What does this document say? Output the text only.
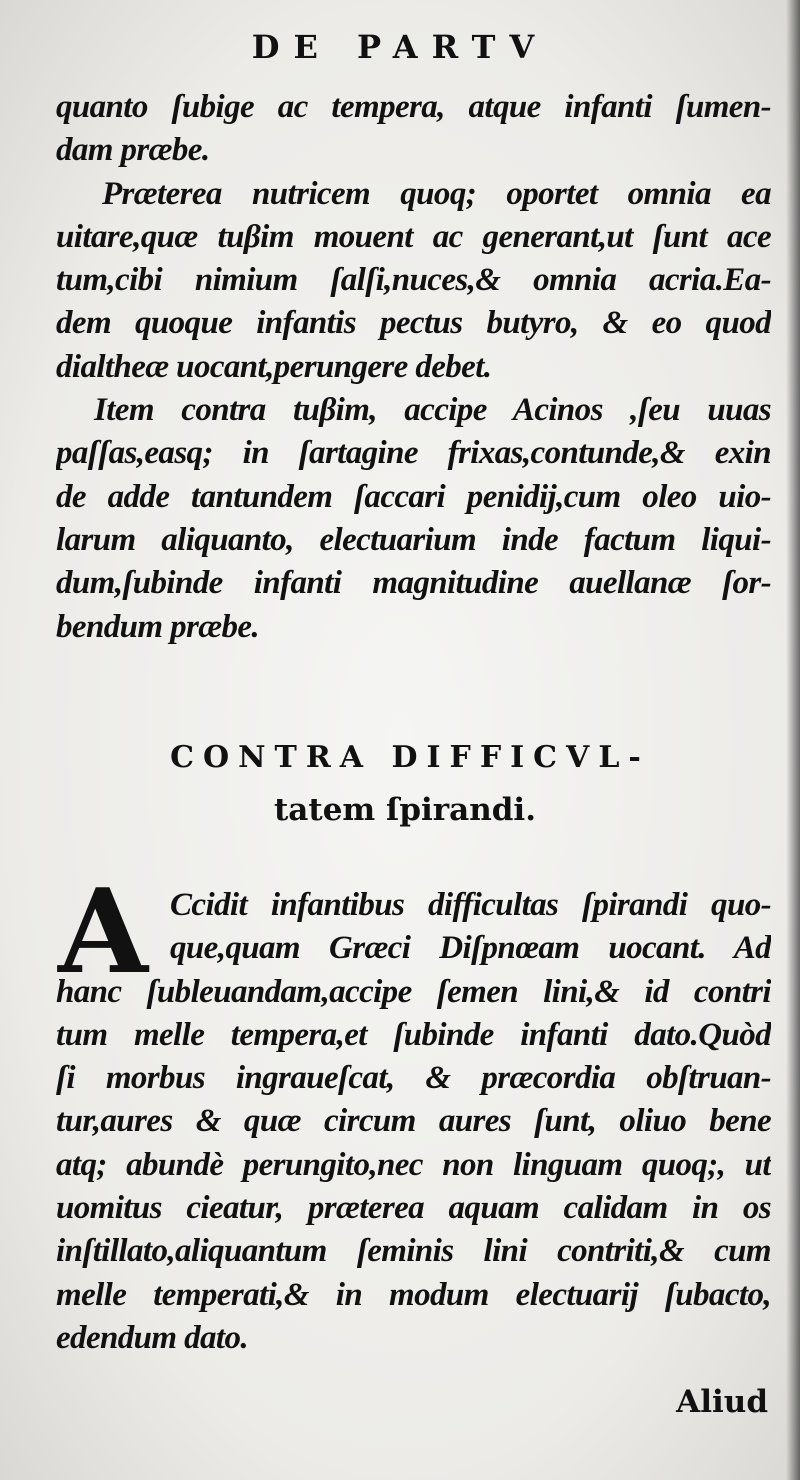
DE PARTV
quanto ſubige ac tempera, atque infanti ſumen-
dam præbe.
Præterea nutricem quoq; oportet omnia ea
uitare,quæ tuβim mouent ac generant,ut ſunt ace
tum,cibi nimium ſalſi,nuces,& omnia acria.Ea-
dem quoque infantis pectus butyro, & eo quod
dialtheæ uocant,perungere debet.
Item contra tuβim, accipe Acinos ,ſeu uuas
paſſas,easq; in ſartagine frixas,contunde,& exin
de adde tantundem ſaccari penidij,cum oleo uio-
larum aliquanto, electuarium inde factum liqui-
dum,ſubinde infanti magnitudine auellanæ ſor-
bendum præbe.
CONTRA DIFFICVL-
tatem ſpirandi.
A Ccidit infantibus difficultas ſpirandi quo-
que,quam Græci Diſpnœam uocant. Ad
hanc ſubleuandam,accipe ſemen lini,& id contri
tum melle tempera,et ſubinde infanti dato.Quòd
ſi morbus ingraueſcat, & præcordia obſtruan-
tur,aures & quæ circum aures ſunt, oliuo bene
atq; abundè perungito,nec non linguam quoq;, ut
uomitus cieatur, præterea aquam calidam in os
inſtillato,aliquantum ſeminis lini contriti,& cum
melle temperati,& in modum electuarij ſubacto,
edendum dato.
Aliud
